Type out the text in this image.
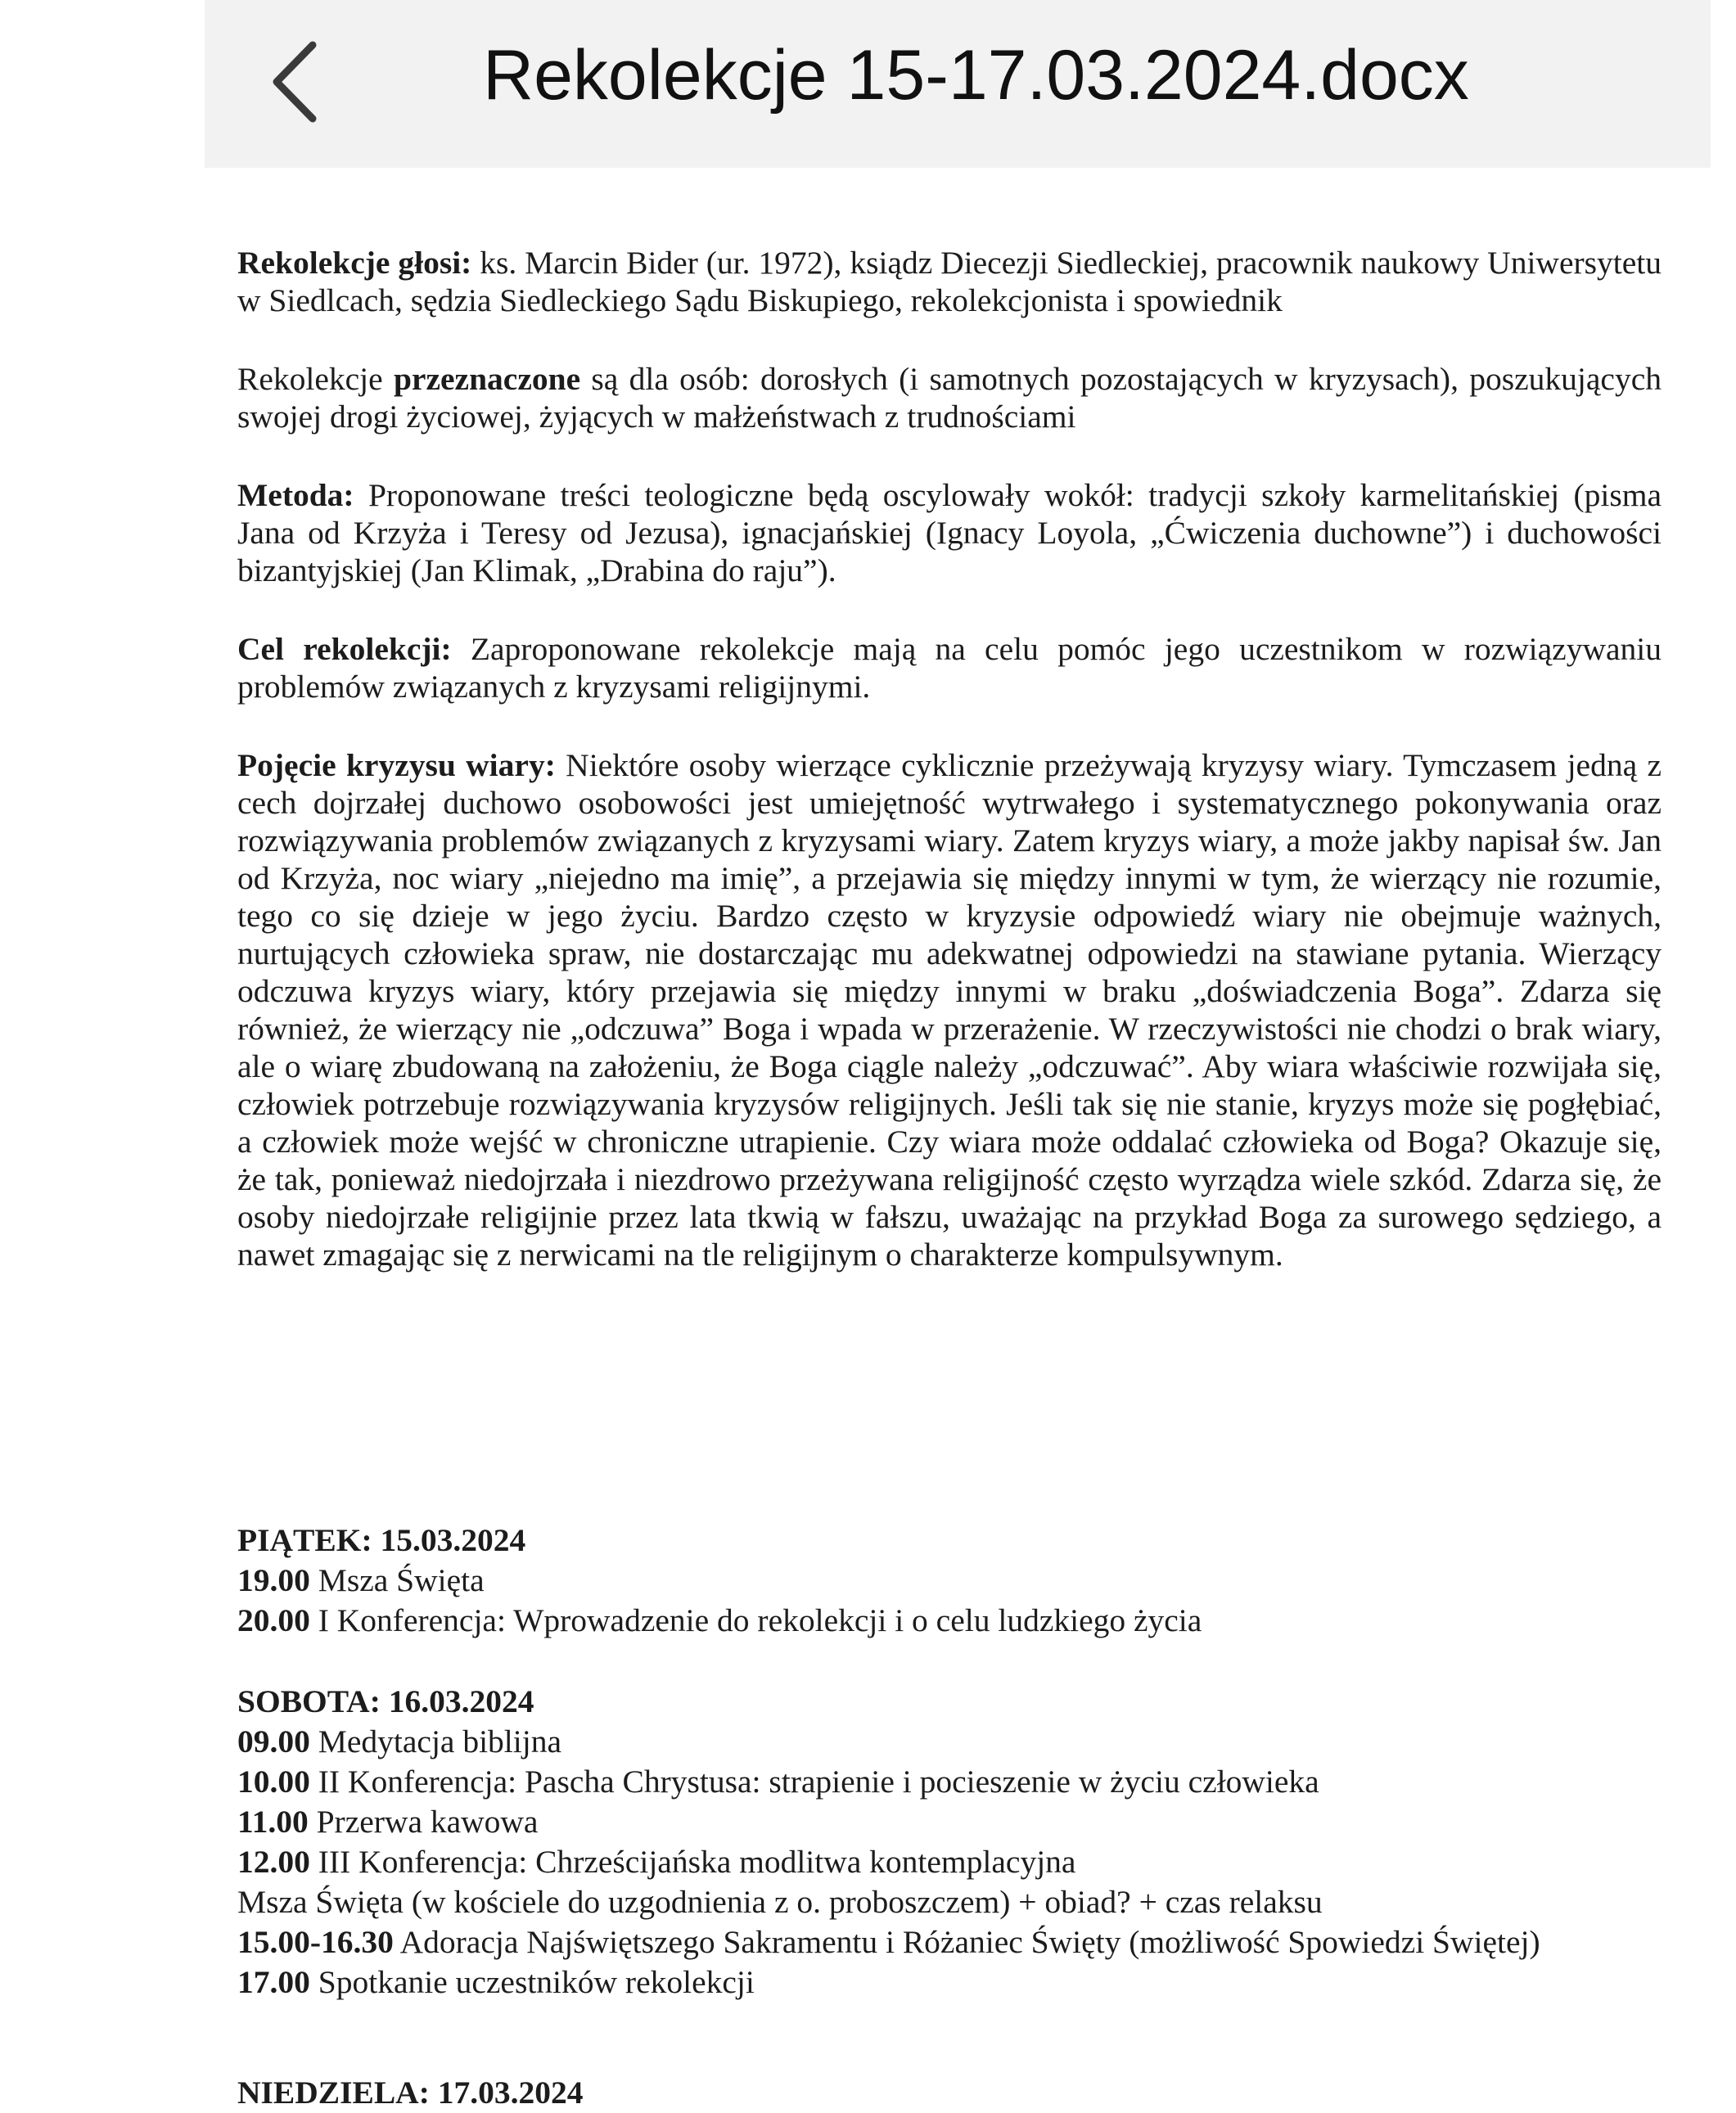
Rekolekcje 15-17.03.2024.docx

Rekolekcje głosi: ks. Marcin Bider (ur. 1972), ksiądz Diecezji Siedleckiej, pracownik naukowy Uniwersytetu w Siedlcach, sędzia Siedleckiego Sądu Biskupiego, rekolekcjonista i spowiednik

Rekolekcje przeznaczone są dla osób: dorosłych (i samotnych pozostających w kryzysach), poszukujących swojej drogi życiowej, żyjących w małżeństwach z trudnościami

Metoda: Proponowane treści teologiczne będą oscylowały wokół: tradycji szkoły karmelitańskiej (pisma Jana od Krzyża i Teresy od Jezusa), ignacjańskiej (Ignacy Loyola, „Ćwiczenia duchowne”) i duchowości bizantyjskiej (Jan Klimak, „Drabina do raju”).

Cel rekolekcji: Zaproponowane rekolekcje mają na celu pomóc jego uczestnikom w rozwiązywaniu problemów związanych z kryzysami religijnymi.

Pojęcie kryzysu wiary: Niektóre osoby wierzące cyklicznie przeżywają kryzysy wiary. Tymczasem jedną z cech dojrzałej duchowo osobowości jest umiejętność wytrwałego i systematycznego pokonywania oraz rozwiązywania problemów związanych z kryzysami wiary. Zatem kryzys wiary, a może jakby napisał św. Jan od Krzyża, noc wiary „niejedno ma imię”, a przejawia się między innymi w tym, że wierzący nie rozumie, tego co się dzieje w jego życiu. Bardzo często w kryzysie odpowiedź wiary nie obejmuje ważnych, nurtujących człowieka spraw, nie dostarczając mu adekwatnej odpowiedzi na stawiane pytania. Wierzący odczuwa kryzys wiary, który przejawia się między innymi w braku „doświadczenia Boga”. Zdarza się również, że wierzący nie „odczuwa” Boga i wpada w przerażenie. W rzeczywistości nie chodzi o brak wiary, ale o wiarę zbudowaną na założeniu, że Boga ciągle należy „odczuwać”. Aby wiara właściwie rozwijała się, człowiek potrzebuje rozwiązywania kryzysów religijnych. Jeśli tak się nie stanie, kryzys może się pogłębiać, a człowiek może wejść w chroniczne utrapienie. Czy wiara może oddalać człowieka od Boga? Okazuje się, że tak, ponieważ niedojrzała i niezdrowo przeżywana religijność często wyrządza wiele szkód. Zdarza się, że osoby niedojrzałe religijnie przez lata tkwią w fałszu, uważając na przykład Boga za surowego sędziego, a nawet zmagając się z nerwicami na tle religijnym o charakterze kompulsywnym.

PIĄTEK: 15.03.2024
19.00 Msza Święta
20.00 I Konferencja: Wprowadzenie do rekolekcji i o celu ludzkiego życia
SOBOTA: 16.03.2024
09.00 Medytacja biblijna
10.00 II Konferencja: Pascha Chrystusa: strapienie i pocieszenie w życiu człowieka
11.00 Przerwa kawowa
12.00 III Konferencja: Chrześcijańska modlitwa kontemplacyjna
Msza Święta (w kościele do uzgodnienia z o. proboszczem) + obiad? + czas relaksu
15.00-16.30 Adoracja Najświętszego Sakramentu i Różaniec Święty (możliwość Spowiedzi Świętej)
17.00 Spotkanie uczestników rekolekcji
NIEDZIELA: 17.03.2024
